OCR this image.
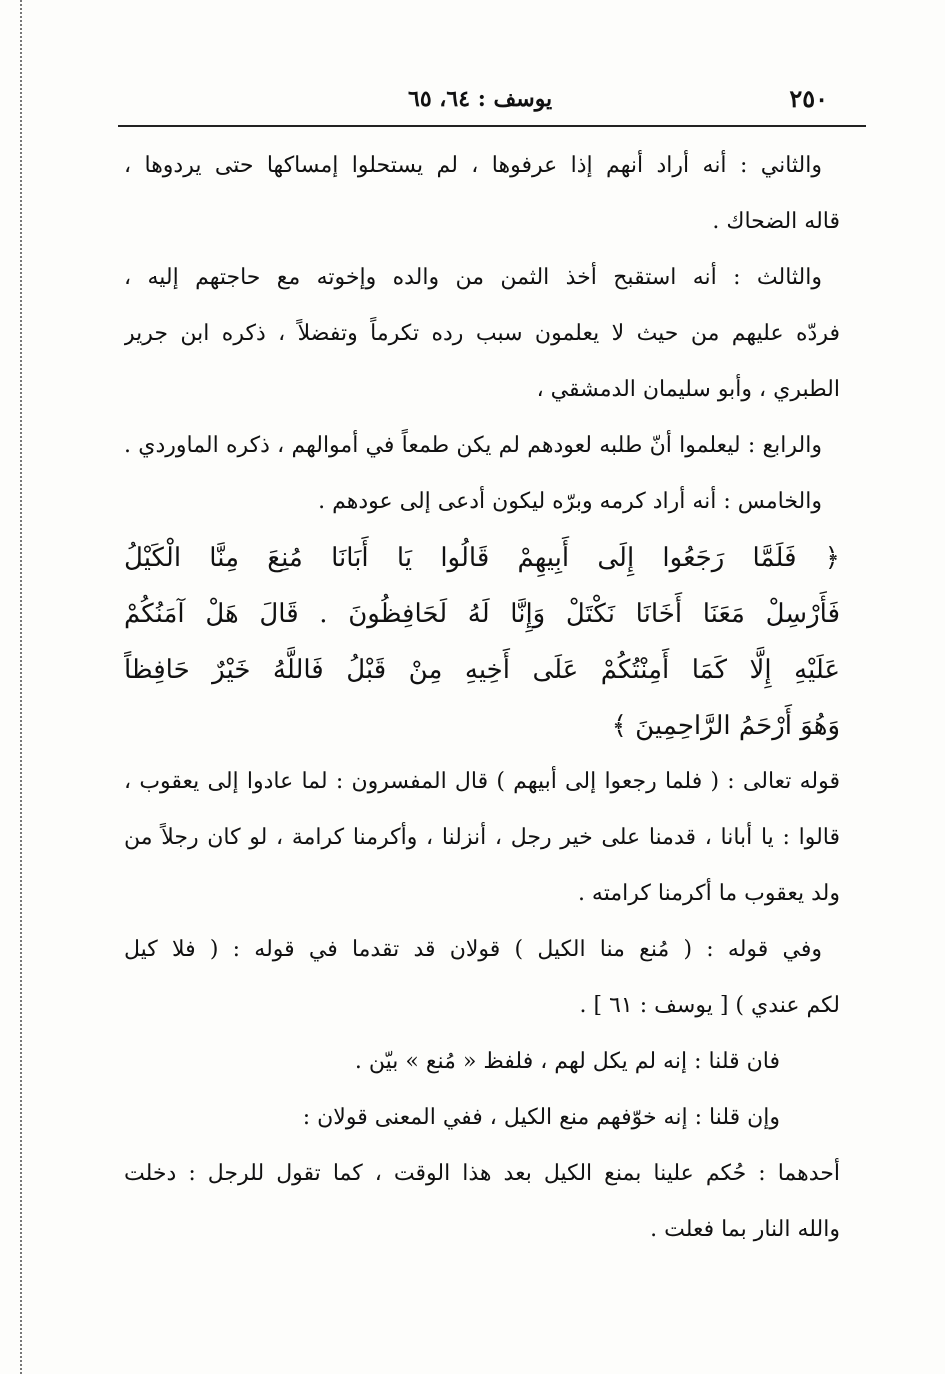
٢٥٠
يوسف : ٦٤، ٦٥
والثاني : أنه أراد أنهم إذا عرفوها ، لم يستحلوا إمساكها حتى يردوها ،
قاله الضحاك .
والثالث : أنه استقبح أخذ الثمن من والده وإخوته مع حاجتهم إليه ،
فردّه عليهم من حيث لا يعلمون سبب رده تكرماً وتفضلاً ، ذكره ابن جرير
الطبري ، وأبو سليمان الدمشقي ،
والرابع : ليعلموا أنّ طلبه لعودهم لم يكن طمعاً في أموالهم ، ذكره الماوردي .
والخامس : أنه أراد كرمه وبرّه ليكون أدعى إلى عودهم .
﴿ فَلَمَّا رَجَعُوا إِلَى أَبِيهِمْ قَالُوا يَا أَبَانَا مُنِعَ مِنَّا الْكَيْلُ
فَأَرْسِلْ مَعَنَا أَخَانَا نَكْتَلْ وَإِنَّا لَهُ لَحَافِظُونَ . قَالَ هَلْ آمَنُكُمْ
عَلَيْهِ إِلَّا كَمَا أَمِنْتُكُمْ عَلَى أَخِيهِ مِنْ قَبْلُ فَاللَّهُ خَيْرٌ حَافِظاً
وَهُوَ أَرْحَمُ الرَّاحِمِينَ ﴾
قوله تعالى : ( فلما رجعوا إلى أبيهم ) قال المفسرون : لما عادوا إلى يعقوب ،
قالوا : يا أبانا ، قدمنا على خير رجل ، أنزلنا ، وأكرمنا كرامة ، لو كان رجلاً من
ولد يعقوب ما أكرمنا كرامته .
وفي قوله : ( مُنع منا الكيل ) قولان قد تقدما في قوله : ( فلا كيل
لكم عندي ) [ يوسف : ٦١ ] .
فان قلنا : إنه لم يكل لهم ، فلفظ « مُنع » بيّن .
وإن قلنا : إنه خوّفهم منع الكيل ، ففي المعنى قولان :
أحدهما : حُكم علينا بمنع الكيل بعد هذا الوقت ، كما تقول للرجل : دخلت
والله النار بما فعلت .
